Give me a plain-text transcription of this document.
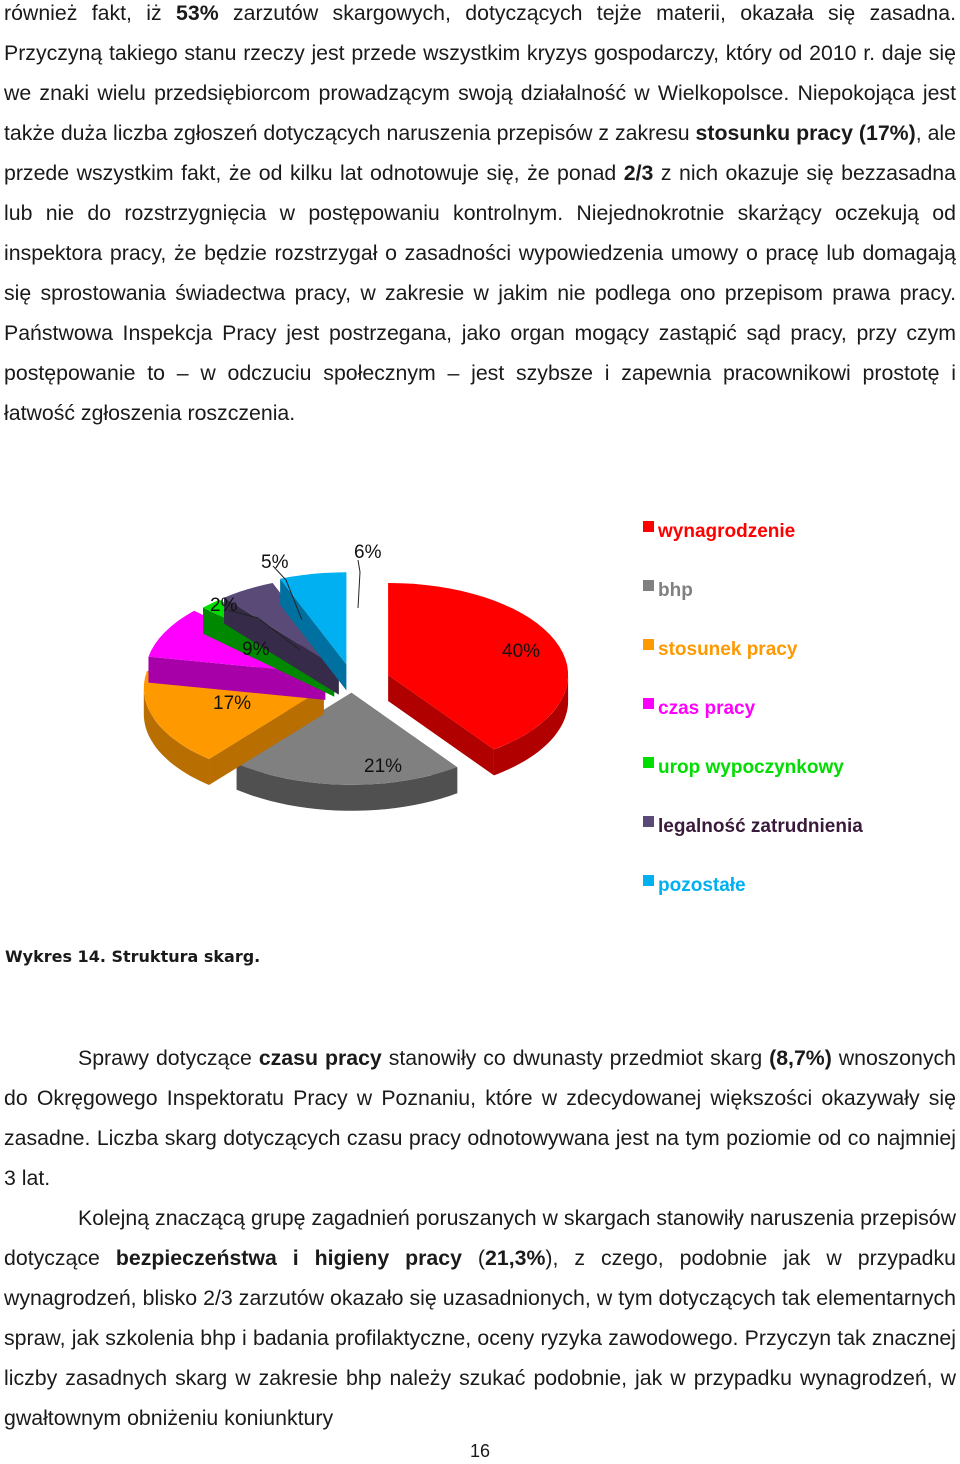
również fakt, iż 53% zarzutów skargowych, dotyczących tejże materii, okazała się zasadna. Przyczyną takiego stanu rzeczy jest przede wszystkim kryzys gospodarczy, który od 2010 r. daje się we znaki wielu przedsiębiorcom prowadzącym swoją działalność w Wielkopolsce. Niepokojąca jest także duża liczba zgłoszeń dotyczących naruszenia przepisów z zakresu stosunku pracy (17%), ale przede wszystkim fakt, że od kilku lat odnotowuje się, że ponad 2/3 z nich okazuje się bezzasadna lub nie do rozstrzygnięcia w postępowaniu kontrolnym. Niejednokrotnie skarżący oczekują od inspektora pracy, że będzie rozstrzygał o zasadności wypowiedzenia umowy o pracę lub domagają się sprostowania świadectwa pracy, w zakresie w jakim nie podlega ono przepisom prawa pracy. Państwowa Inspekcja Pracy jest postrzegana, jako organ mogący zastąpić sąd pracy, przy czym postępowanie to – w odczuciu społecznym – jest szybsze i zapewnia pracownikowi prostotę i łatwość zgłoszenia roszczenia.

40%
21%
17%
9%
2%
5%	6%
wynagrodzenie
bhp
stosunek pracy
czas pracy
urop wypoczynkowy
legalność zatrudnienia
pozostałe
Wykres 14. Struktura skarg.

Sprawy dotyczące czasu pracy stanowiły co dwunasty przedmiot skarg (8,7%) wnoszonych do Okręgowego Inspektoratu Pracy w Poznaniu, które w zdecydowanej większości okazywały się zasadne. Liczba skarg dotyczących czasu pracy odnotowywana jest na tym poziomie od co najmniej 3 lat.

Kolejną znaczącą grupę zagadnień poruszanych w skargach stanowiły naruszenia przepisów dotyczące bezpieczeństwa i higieny pracy (21,3%), z czego, podobnie jak w przypadku wynagrodzeń, blisko 2/3 zarzutów okazało się uzasadnionych, w tym dotyczących tak elementarnych spraw, jak szkolenia bhp i badania profilaktyczne, oceny ryzyka zawodowego. Przyczyn tak znacznej liczby zasadnych skarg w zakresie bhp należy szukać podobnie, jak w przypadku wynagrodzeń, w gwałtownym obniżeniu koniunktury

16
